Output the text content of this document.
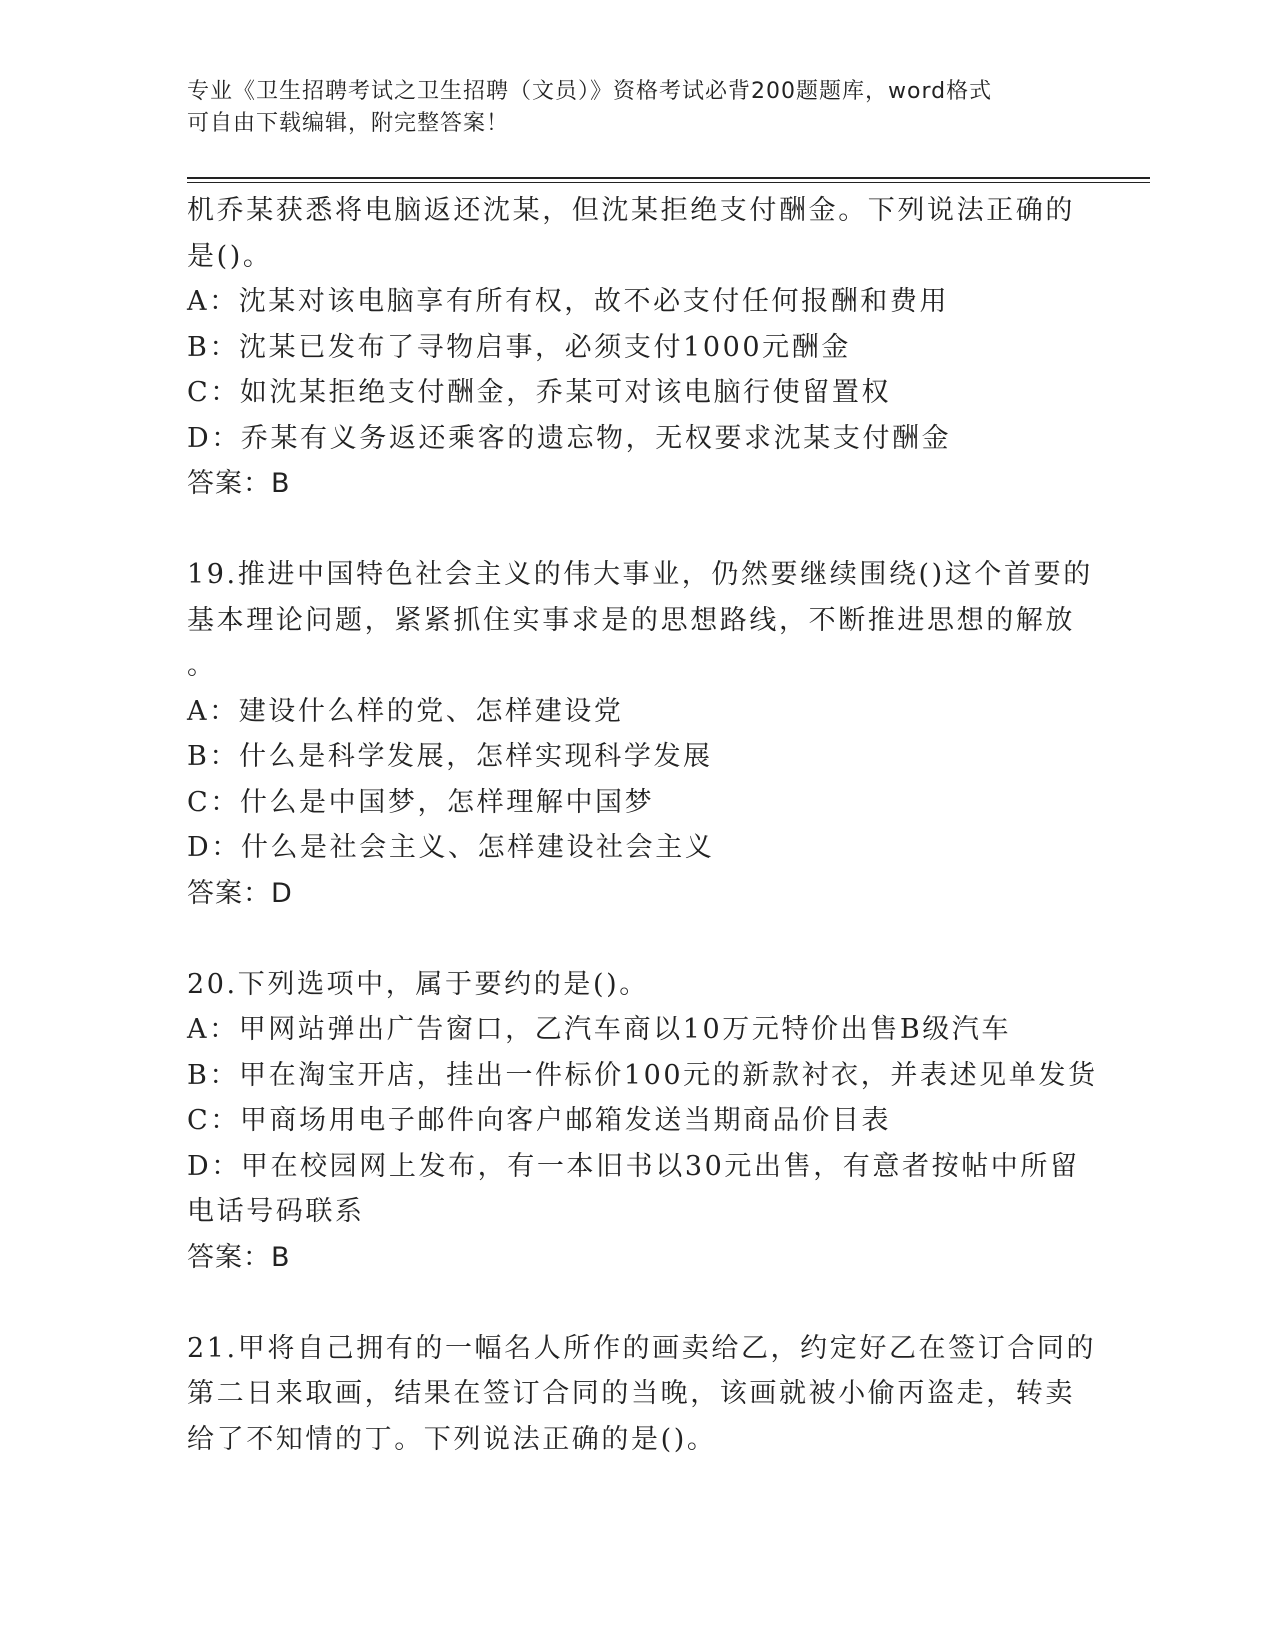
专业《卫生招聘考试之卫生招聘（文员）》资格考试必背200题题库，word格式
可自由下载编辑，附完整答案！
机乔某获悉将电脑返还沈某，但沈某拒绝支付酬金。下列说法正确的
是()。
A：沈某对该电脑享有所有权，故不必支付任何报酬和费用
B：沈某已发布了寻物启事，必须支付1000元酬金
C：如沈某拒绝支付酬金，乔某可对该电脑行使留置权
D：乔某有义务返还乘客的遗忘物，无权要求沈某支付酬金
答案：B
19.推进中国特色社会主义的伟大事业，仍然要继续围绕()这个首要的
基本理论问题，紧紧抓住实事求是的思想路线，不断推进思想的解放
。
A：建设什么样的党、怎样建设党
B：什么是科学发展，怎样实现科学发展
C：什么是中国梦，怎样理解中国梦
D：什么是社会主义、怎样建设社会主义
答案：D
20.下列选项中，属于要约的是()。
A：甲网站弹出广告窗口，乙汽车商以10万元特价出售B级汽车
B：甲在淘宝开店，挂出一件标价100元的新款衬衣，并表述见单发货
C：甲商场用电子邮件向客户邮箱发送当期商品价目表
D：甲在校园网上发布，有一本旧书以30元出售，有意者按帖中所留
电话号码联系
答案：B
21.甲将自己拥有的一幅名人所作的画卖给乙，约定好乙在签订合同的
第二日来取画，结果在签订合同的当晚，该画就被小偷丙盗走，转卖
给了不知情的丁。下列说法正确的是()。
